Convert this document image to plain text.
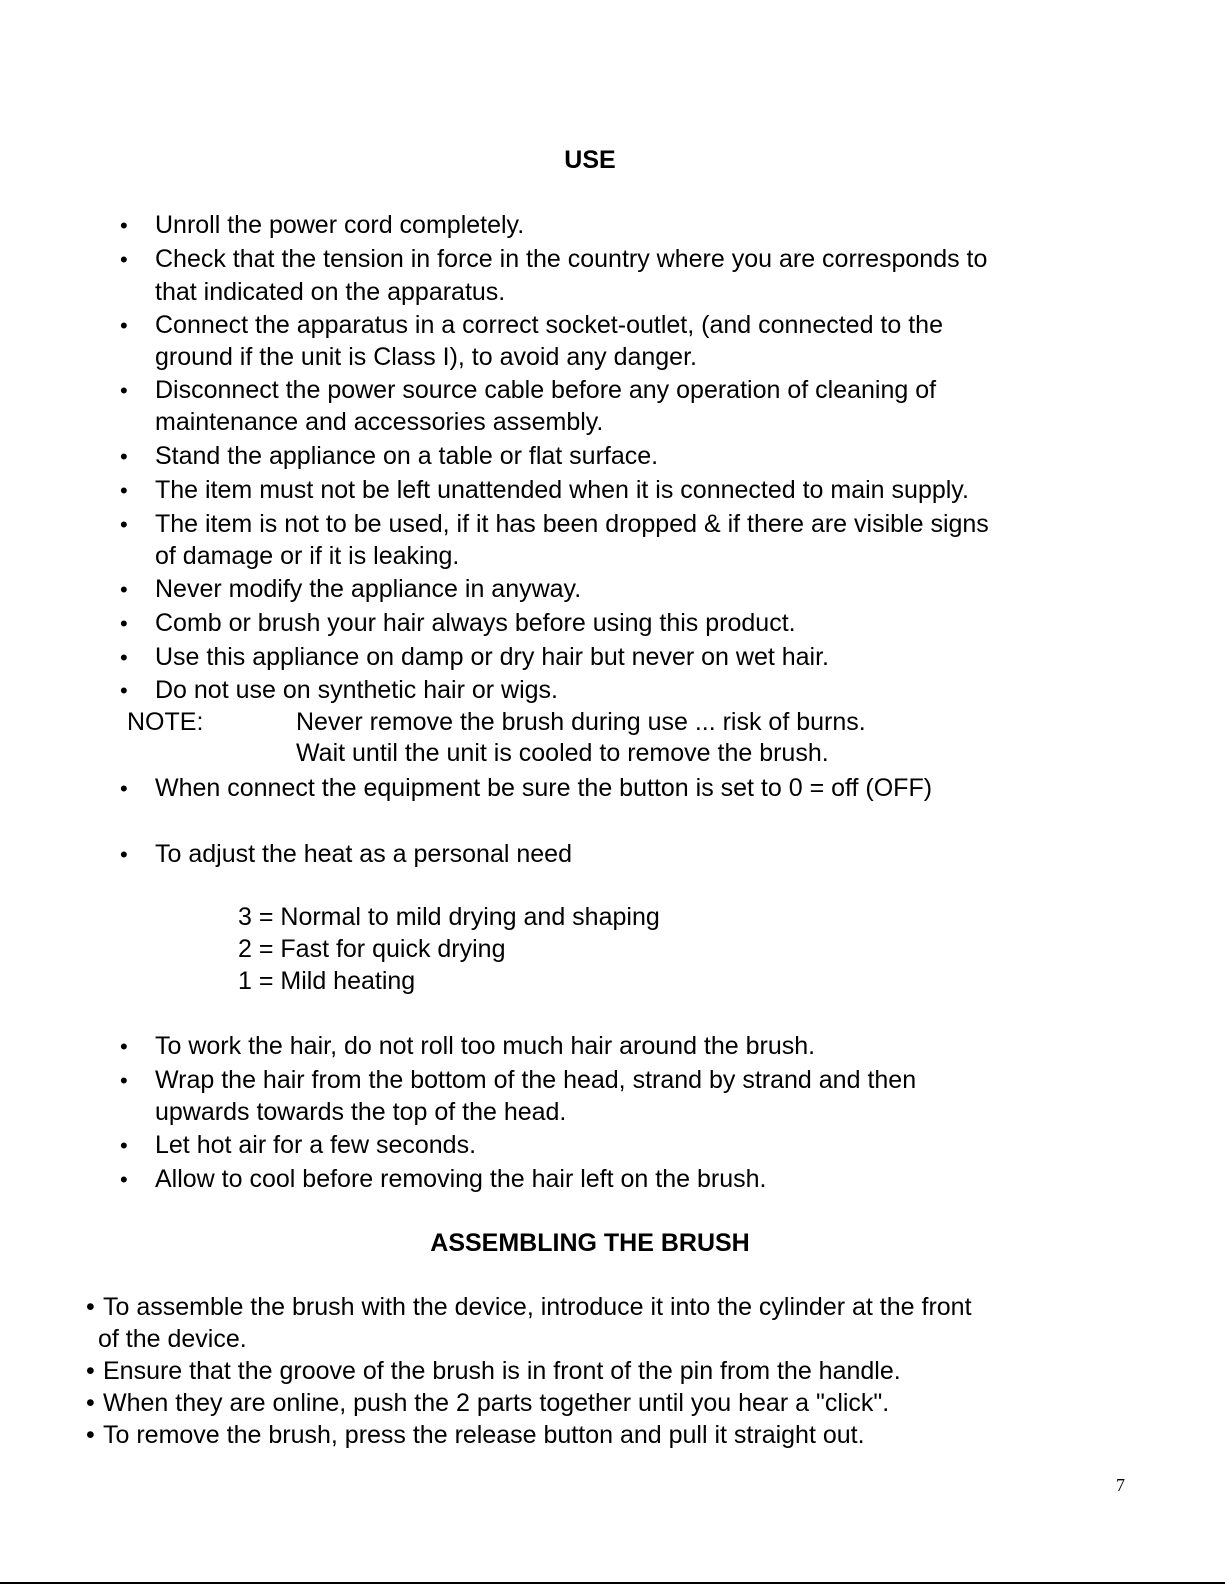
USE
• Unroll the power cord completely.
• Check that the tension in force in the country where you are corresponds to
that indicated on the apparatus.
• Connect the apparatus in a correct socket-outlet, (and connected to the
ground if the unit is Class I), to avoid any danger.
• Disconnect the power source cable before any operation of cleaning of
maintenance and accessories assembly.
• Stand the appliance on a table or flat surface.
• The item must not be left unattended when it is connected to main supply.
• The item is not to be used, if it has been dropped & if there are visible signs
of damage or if it is leaking.
• Never modify the appliance in anyway.
• Comb or brush your hair always before using this product.
• Use this appliance on damp or dry hair but never on wet hair.
• Do not use on synthetic hair or wigs.
NOTE:	Never remove the brush during use ... risk of burns.
Wait until the unit is cooled to remove the brush.
• When connect the equipment be sure the button is set to 0 = off (OFF)
• To adjust the heat as a personal need
3 = Normal to mild drying and shaping
2 = Fast for quick drying
1 = Mild heating
• To work the hair, do not roll too much hair around the brush.
• Wrap the hair from the bottom of the head, strand by strand and then
upwards towards the top of the head.
• Let hot air for a few seconds.
• Allow to cool before removing the hair left on the brush.
ASSEMBLING THE BRUSH
• To assemble the brush with the device, introduce it into the cylinder at the front
of the device.
• Ensure that the groove of the brush is in front of the pin from the handle.
• When they are online, push the 2 parts together until you hear a "click".
• To remove the brush, press the release button and pull it straight out.
7
